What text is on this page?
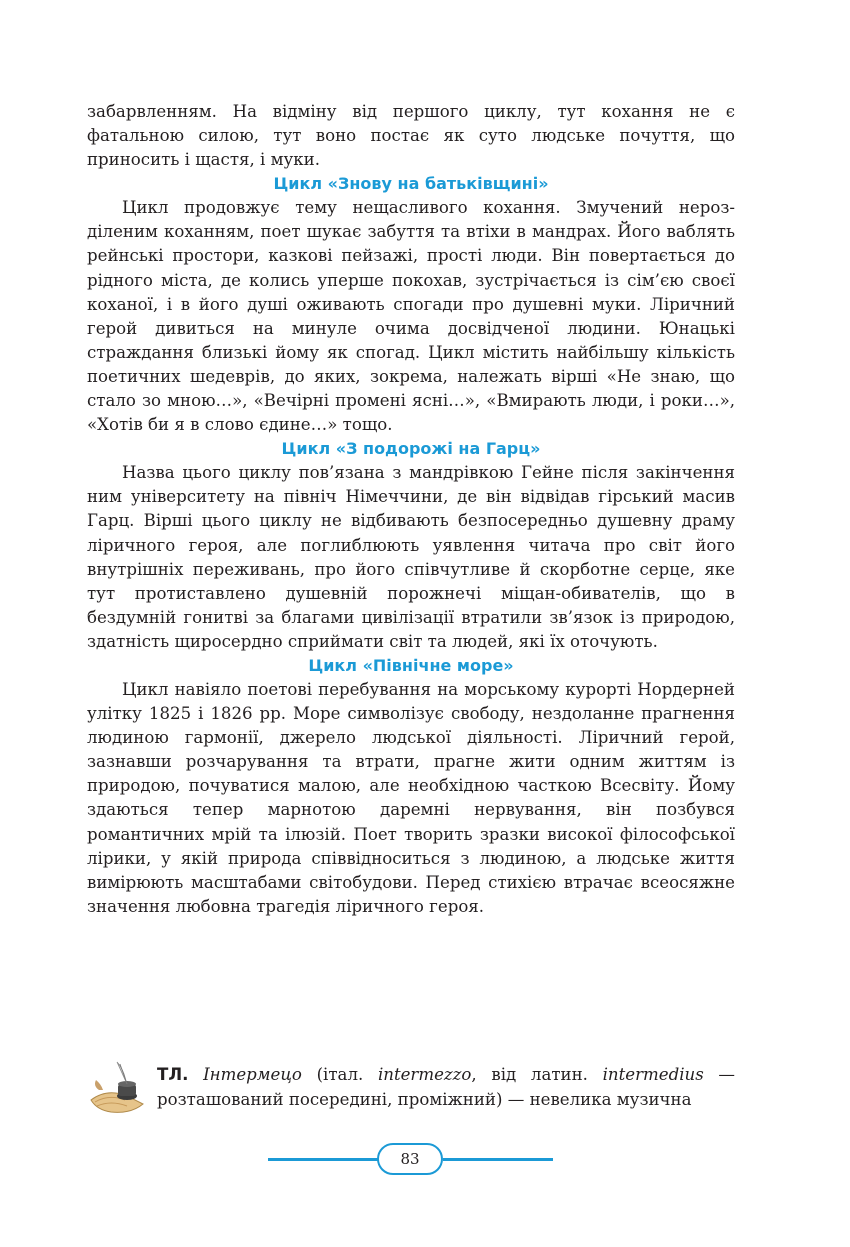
забарвленням. На відміну від першого циклу, тут кохання не є фатальною силою, тут воно постає як суто людське почуття, що приносить і щастя, і муки.

Цикл «Знову на батьківщині»

Цикл продовжує тему нещасливого кохання. Змучений нерозділеним коханням, поет шукає забуття та втіхи в мандрах. Його ваблять рейнські простори, казкові пейзажі, прості люди. Він повертається до рідного міста, де колись уперше покохав, зустрічається із сім’єю своєї коханої, і в його душі оживають спогади про душевні муки. Ліричний герой дивиться на минуле очима досвідченої людини. Юнацькі страждання близькі йому як спогад. Цикл містить найбільшу кількість поетичних шедеврів, до яких, зокрема, належать вірші «Не знаю, що стало зо мною…», «Вечірні промені ясні…», «Вмирають люди, і роки…», «Хотів би я в слово єдине…» тощо.

Цикл «З подорожі на Гарц»

Назва цього циклу пов’язана з мандрівкою Гейне після закінчення ним університету на північ Німеччини, де він відвідав гірський масив Гарц. Вірші цього циклу не відбивають безпосередньо душевну драму ліричного героя, але поглиблюють уявлення читача про світ його внутрішніх переживань, про його співчутливе й скорботне серце, яке тут протиставлено душевній порожнечі міщан-обивателів, що в бездумній гонитві за благами цивілізації втратили зв’язок із природою, здатність щиросердно сприймати світ та людей, які їх оточують.

Цикл «Північне море»

Цикл навіяло поетові перебування на морському курорті Нордерней улітку 1825 і 1826 рр. Море символізує свободу, нездоланне прагнення людиною гармонії, джерело людської діяльності. Ліричний герой, зазнавши розчарування та втрати, прагне жити одним життям із природою, почуватися малою, але необхідною часткою Всесвіту. Йому здаються тепер марнотою даремні нервування, він позбувся романтичних мрій та ілюзій. Поет творить зразки високої філософської лірики, у якій природа співвідноситься з людиною, а людське життя вимірюють масштабами світобудови. Перед стихією втрачає всеосяжне значення любовна трагедія ліричного героя.

ТЛ. Інтермецо (італ. intermezzo, від латин. intermedius — розташований посередині, проміжний) — невелика музична
83
